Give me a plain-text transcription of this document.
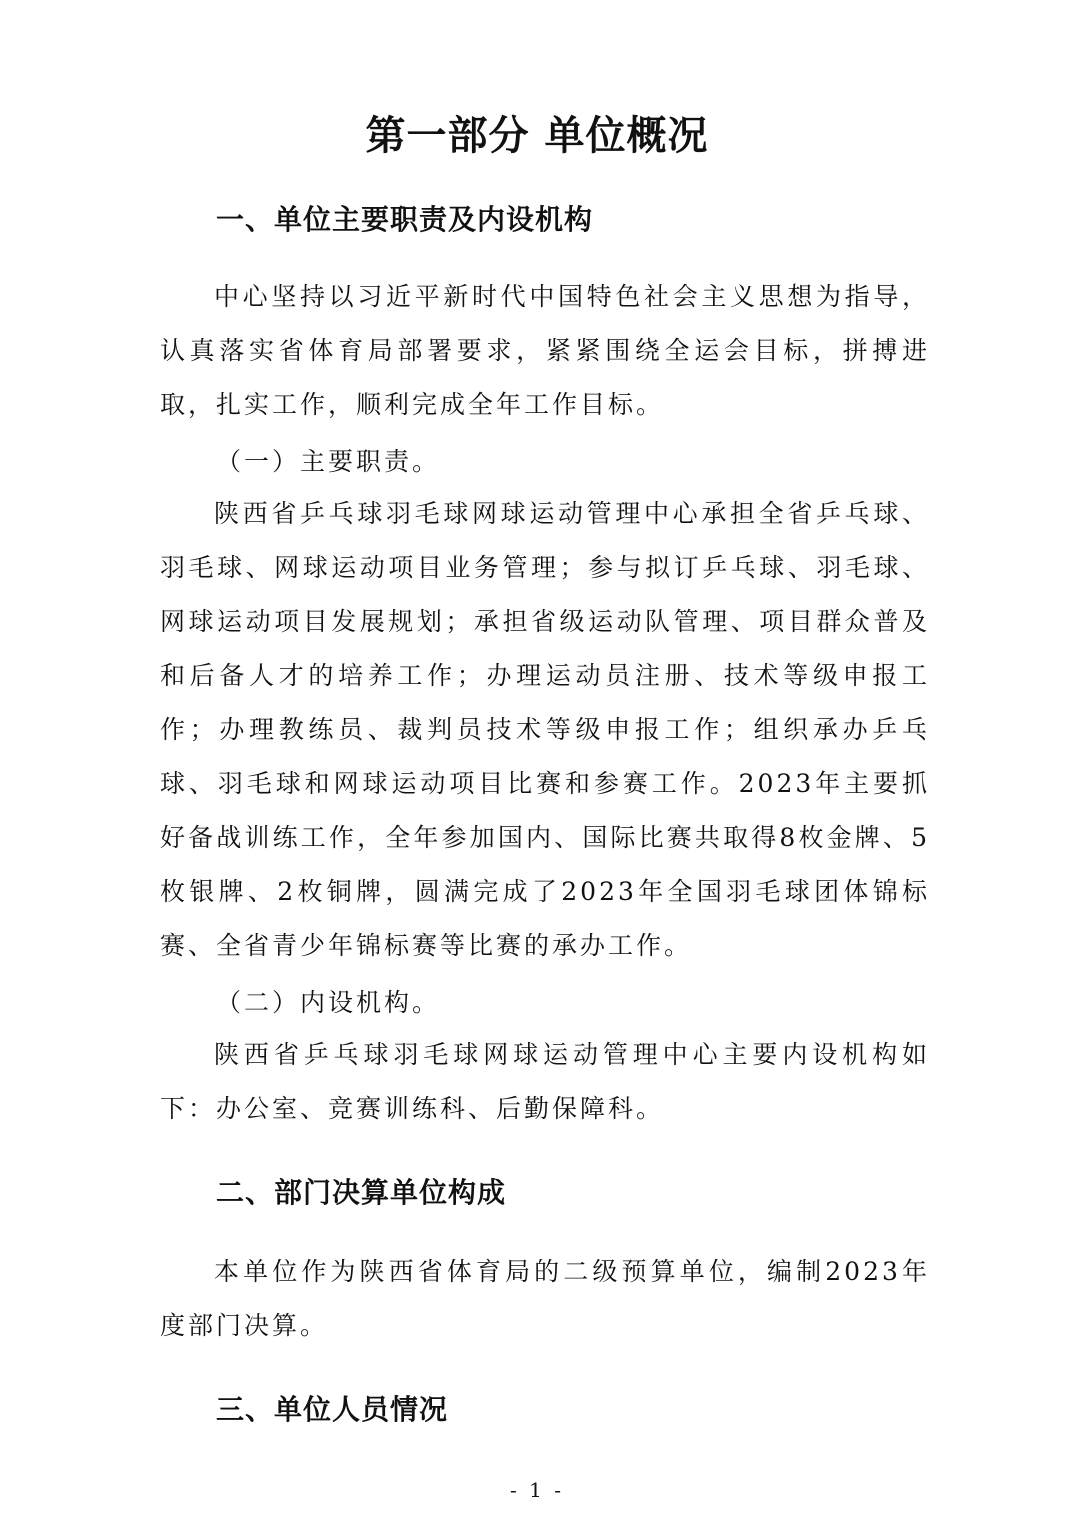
第一部分 单位概况
一、单位主要职责及内设机构

中心坚持以习近平新时代中国特色社会主义思想为指导，认真落实省体育局部署要求，紧紧围绕全运会目标，拼搏进取，扎实工作，顺利完成全年工作目标。

（一）主要职责。

陕西省乒乓球羽毛球网球运动管理中心承担全省乒乓球、羽毛球、网球运动项目业务管理；参与拟订乒乓球、羽毛球、网球运动项目发展规划；承担省级运动队管理、项目群众普及和后备人才的培养工作；办理运动员注册、技术等级申报工作；办理教练员、裁判员技术等级申报工作；组织承办乒乓球、羽毛球和网球运动项目比赛和参赛工作。2023年主要抓好备战训练工作，全年参加国内、国际比赛共取得8枚金牌、5枚银牌、2枚铜牌，圆满完成了2023年全国羽毛球团体锦标赛、全省青少年锦标赛等比赛的承办工作。

（二）内设机构。

陕西省乒乓球羽毛球网球运动管理中心主要内设机构如下：办公室、竞赛训练科、后勤保障科。

二、部门决算单位构成

本单位作为陕西省体育局的二级预算单位，编制2023年度部门决算。

三、单位人员情况
- 1 -
